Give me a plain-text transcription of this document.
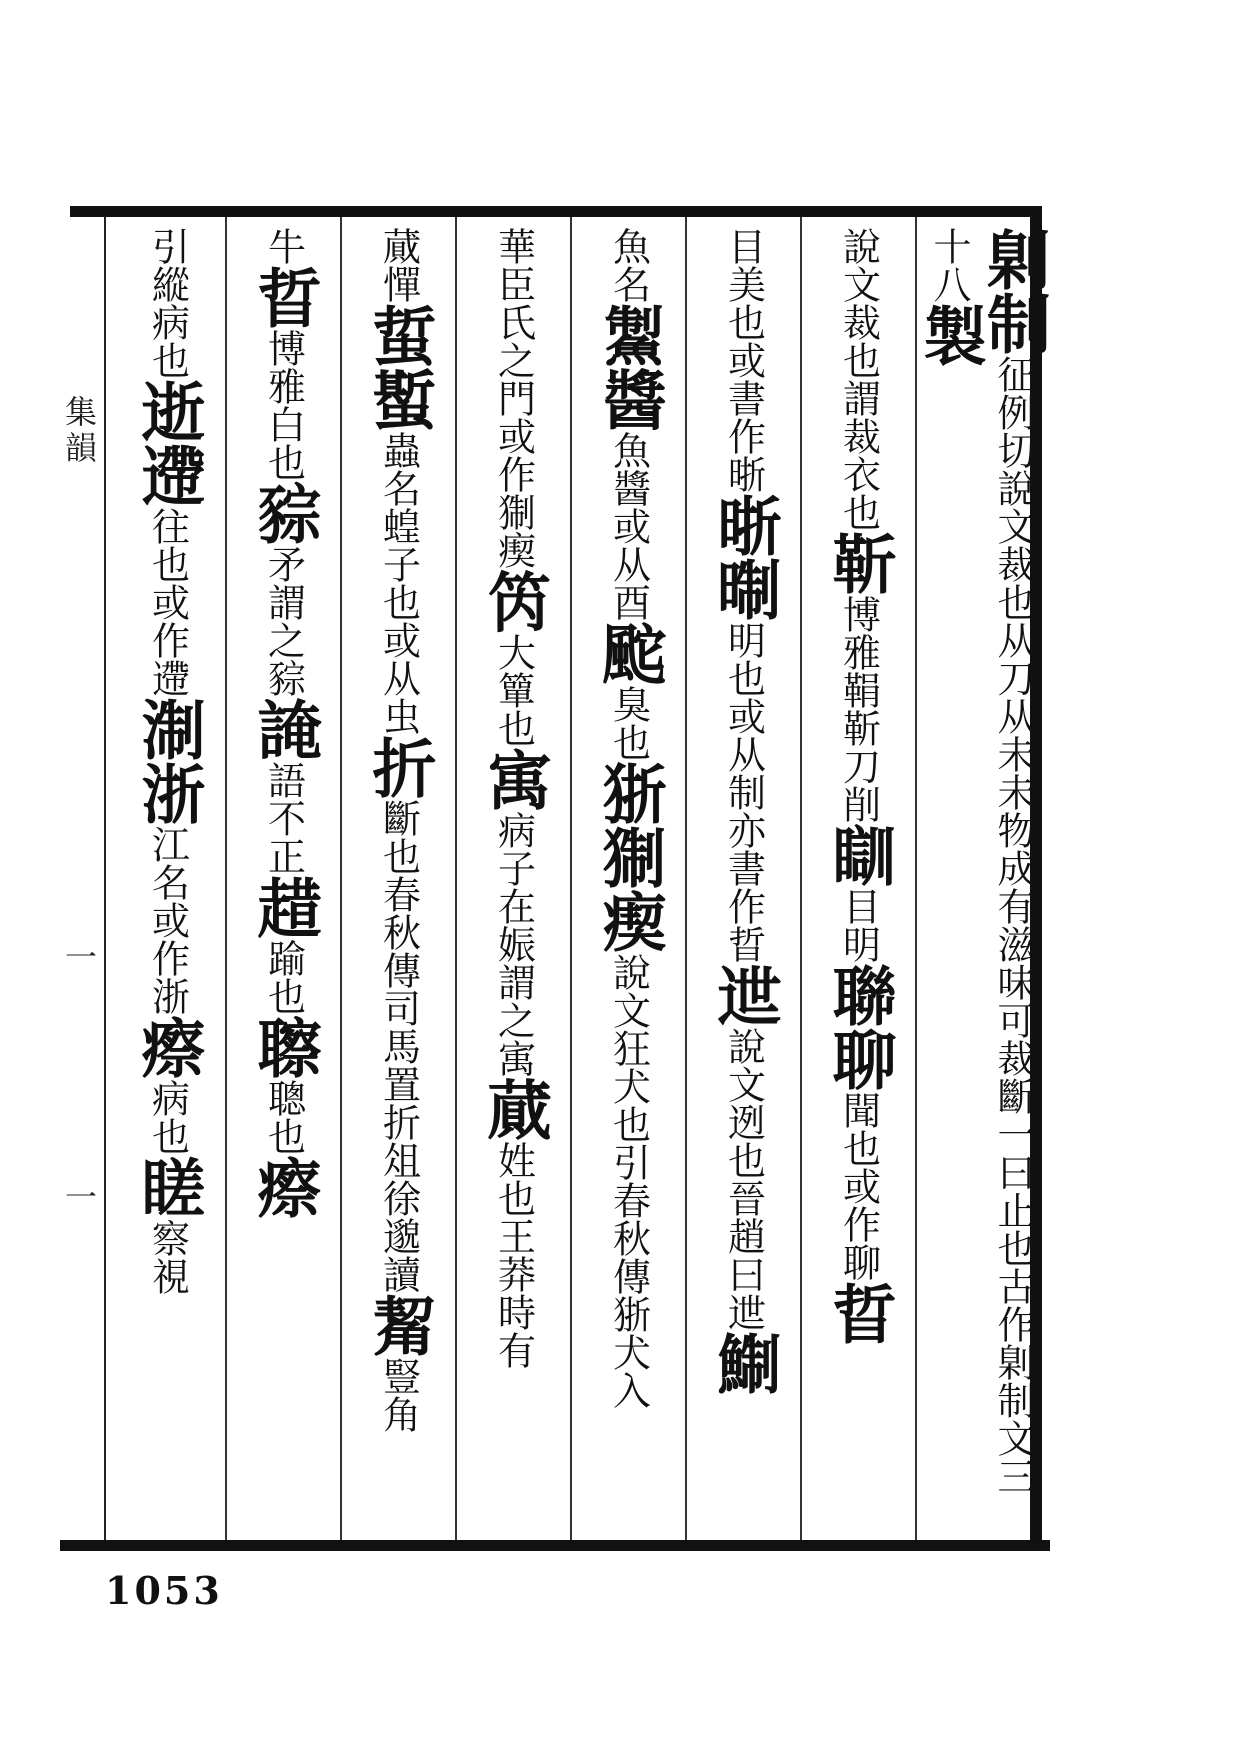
集韻
一
一
㓷制征例切說文裁也从刀从未未物成有滋味可裁斷一曰止也古作㓷制文三十八製
說文裁也謂裁衣也靳博雅鞙靳刀削瞓目明聯聊聞也或作聊晢
目美也或書作晣晣㫼明也或从制亦書作晢迣說文迾也晉趙曰迣鯯
魚名䱥醬魚醬或从酉䬁臭也狾猘瘈說文狂犬也引春秋傳狾犬入
華臣氏之門或作猘瘈笍大簞也㝢病子在娠謂之㝢蕆姓也王莽時有
蕆憚蜇蟴蟲名蝗子也或从虫折斷也春秋傳司馬置折俎徐邈讀觢豎角
牛晢博雅白也䝋矛謂之䝋䛳語不正趞踰也聺聰也瘵
引縱病也逝遰往也或作遰淛浙江名或作浙瘵病也䁟察視
1053
